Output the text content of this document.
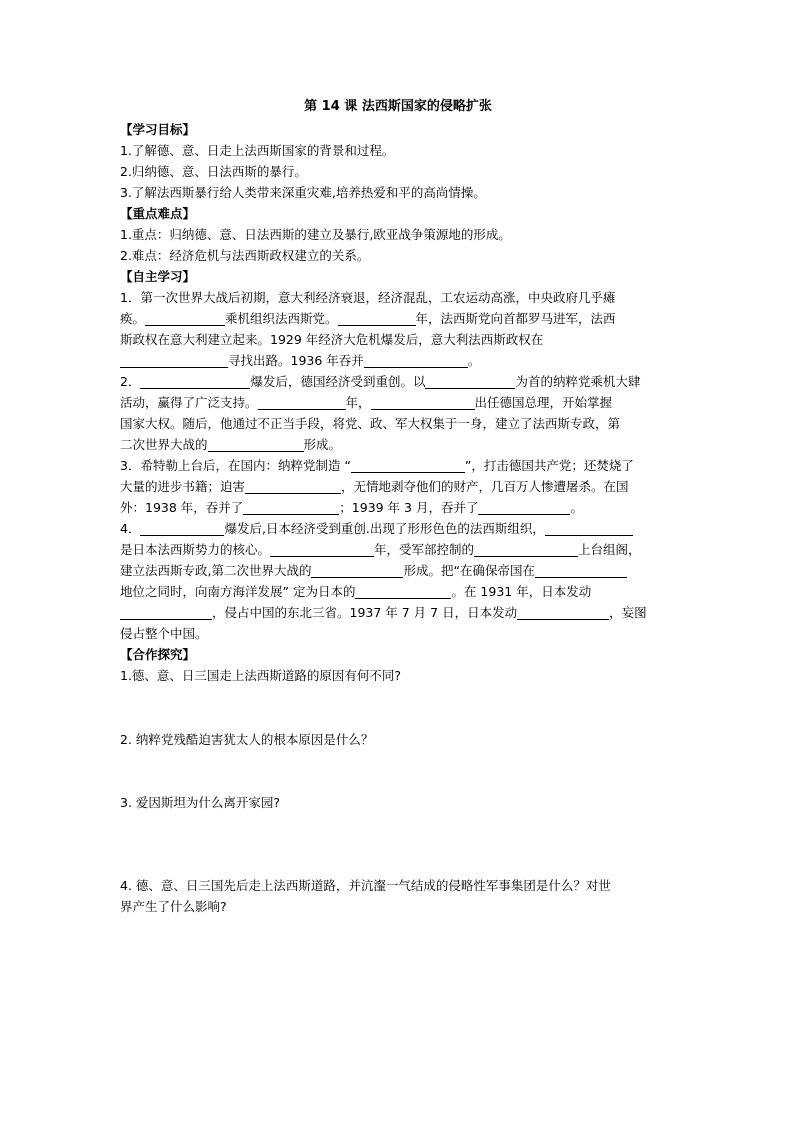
第 14 课 法西斯国家的侵略扩张
【学习目标】
1.了解德、意、日走上法西斯国家的背景和过程。
2.归纳德、意、日法西斯的暴行。
3.了解法西斯暴行给人类带来深重灾难,培养热爱和平的高尚情操。
【重点难点】
1.重点：归纳德、意、日法西斯的建立及暴行,欧亚战争策源地的形成。
2.难点：经济危机与法西斯政权建立的关系。
【自主学习】
1．第一次世界大战后初期，意大利经济衰退，经济混乱，工农运动高涨，中央政府几乎瘫
痪。	乘机组织法西斯党。	年，法西斯党向首都罗马进军，法西
斯政权在意大利建立起来。1929 年经济大危机爆发后，意大利法西斯政权在
寻找出路。1936 年吞并	。
2．	爆发后，德国经济受到重创。以	为首的纳粹党乘机大肆
活动，赢得了广泛支持。	年，	出任德国总理，开始掌握
国家大权。随后，他通过不正当手段，将党、政、军大权集于一身，建立了法西斯专政，第
二次世界大战的	形成。
3．希特勒上台后，在国内：纳粹党制造 “	”，打击德国共产党；还焚烧了
大量的进步书籍；迫害	，无情地剥夺他们的财产，几百万人惨遭屠杀。在国
外：1938 年，吞并了	；1939 年 3 月，吞并了	。
4．	爆发后,日本经济受到重创.出现了形形色色的法西斯组织，
是日本法西斯势力的核心。	年，受军部控制的	上台组阁，
建立法西斯专政,第二次世界大战的	形成。把“在确保帝国在
地位之同时，向南方海洋发展” 定为日本的	。在 1931 年，日本发动
，侵占中国的东北三省。1937 年 7 月 7 日，日本发动	，妄图
侵占整个中国。
【合作探究】
1.德、意、日三国走上法西斯道路的原因有何不同?
2. 纳粹党残酷迫害犹太人的根本原因是什么？
3. 爱因斯坦为什么离开家园?
4. 德、意、日三国先后走上法西斯道路，并沆瀣一气结成的侵略性军事集团是什么？对世
界产生了什么影响?
